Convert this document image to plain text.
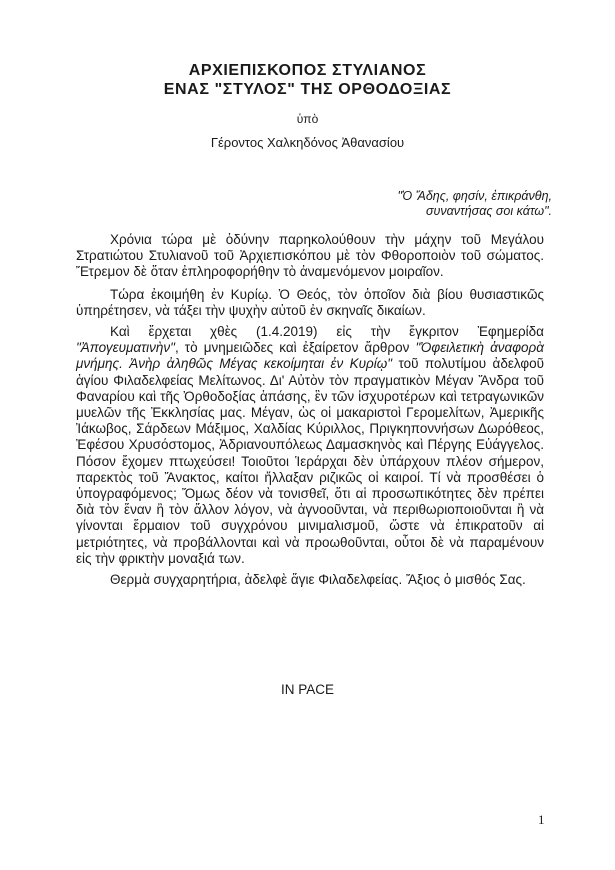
ΑΡΧΙΕΠΙΣΚΟΠΟΣ ΣΤΥΛΙΑΝΟΣ
ΕΝΑΣ "ΣΤΥΛΟΣ" ΤΗΣ ΟΡΘΟΔΟΞΙΑΣ

ὑπὸ

Γέροντος Χαλκηδόνος Ἀθανασίου

"Ὁ Ἅδης, φησίν, ἐπικράνθη,
συναντήσας σοι κάτω".

Χρόνια τώρα μὲ ὀδύνην παρηκολούθουν τὴν μάχην τοῦ Μεγάλου Στρατιώτου Στυλιανοῦ τοῦ Ἀρχιεπισκόπου μὲ τὸν Φθοροποιὸν τοῦ σώματος. Ἔτρεμον δὲ ὅταν ἐπληροφορήθην τὸ ἀναμενόμενον μοιραῖον.

Τώρα ἐκοιμήθη ἐν Κυρίῳ. Ὁ Θεός, τὸν ὁποῖον διὰ βίου θυσιαστικῶς ὑπηρέτησεν, νὰ τάξει τὴν ψυχὴν αὐτοῦ ἐν σκηναῖς δικαίων.

Καὶ ἔρχεται χθὲς (1.4.2019) εἰς τὴν ἔγκριτον Ἐφημερίδα "Ἀπογευματινὴν", τὸ μνημειῶδες καὶ ἐξαίρετον ἄρθρον "Ὀφειλετικὴ ἀναφορὰ μνήμης. Ἀνὴρ ἀληθῶς Μέγας κεκοίμηται ἐν Κυρίῳ" τοῦ πολυτίμου ἀδελφοῦ ἁγίου Φιλαδελφείας Μελίτωνος. Δι' Αὐτὸν τὸν πραγματικὸν Μέγαν Ἄνδρα τοῦ Φαναρίου καὶ τῆς Ὀρθοδοξίας ἁπάσης, ἓν τῶν ἰσχυροτέρων καὶ τετραγωνικῶν μυελῶν τῆς Ἐκκλησίας μας. Μέγαν, ὡς οἱ μακαριστοὶ Γερομελίτων, Ἀμερικῆς Ἰάκωβος, Σάρδεων Μάξιμος, Χαλδίας Κύριλλος, Πριγκηποννήσων Δωρόθεος, Ἐφέσου Χρυσόστομος, Ἀδριανουπόλεως Δαμασκηνὸς καὶ Πέργης Εὐάγγελος. Πόσον ἔχομεν πτωχεύσει! Τοιοῦτοι Ἱεράρχαι δὲν ὑπάρχουν πλέον σήμερον, παρεκτὸς τοῦ Ἄνακτος, καίτοι ἤλλαξαν ριζικῶς οἱ καιροί. Τί νὰ προσθέσει ὁ ὑπογραφόμενος; Ὅμως δέον νὰ τονισθεῖ, ὅτι αἱ προσωπικότητες δὲν πρέπει διὰ τὸν ἕναν ἢ τὸν ἄλλον λόγον, νὰ ἀγνοοῦνται, νὰ περιθωριοποιοῦνται ἢ νὰ γίνονται ἕρμαιον τοῦ συγχρόνου μινιμαλισμοῦ, ὥστε νὰ ἐπικρατοῦν αἱ μετριότητες, νὰ προβάλλονται καὶ νὰ προωθοῦνται, οὗτοι δὲ νὰ παραμένουν εἰς τὴν φρικτὴν μοναξιά των.

Θερμὰ συγχαρητήρια, ἀδελφὲ ἅγιε Φιλαδελφείας. Ἄξιος ὁ μισθός Σας.

IN PACE

1
